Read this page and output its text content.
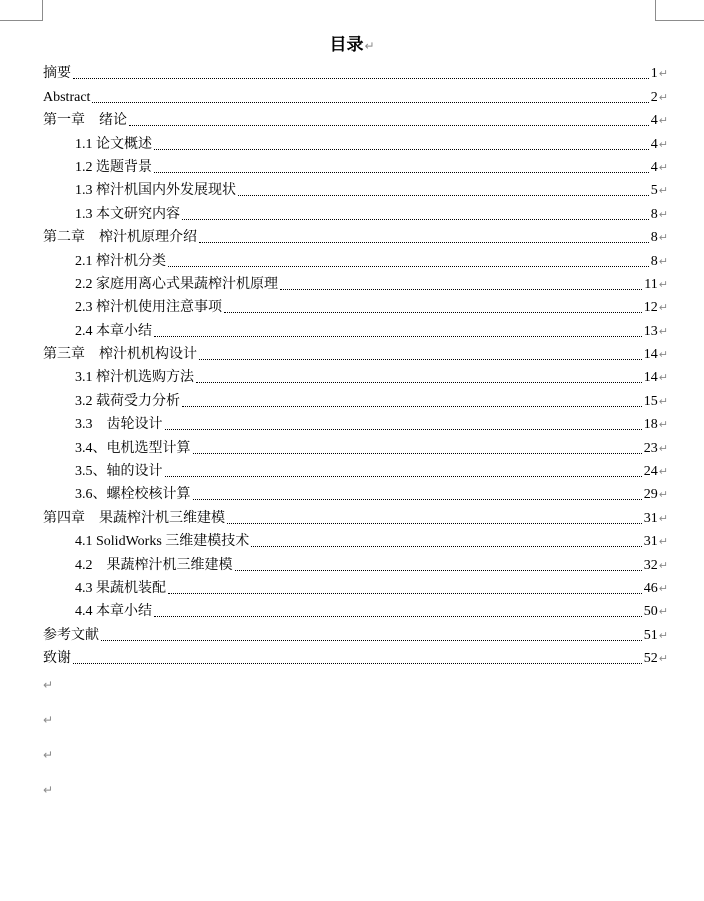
目录↵
摘要	1↵
Abstract	2↵
第一章　绪论	4↵
1.1 论文概述	4↵
1.2 选题背景	4↵
1.3 榨汁机国内外发展现状	5↵
1.3 本文研究内容	8↵
第二章　榨汁机原理介绍	8↵
2.1 榨汁机分类	8↵
2.2 家庭用离心式果蔬榨汁机原理	11↵
2.3 榨汁机使用注意事项	12↵
2.4 本章小结	13↵
第三章　榨汁机机构设计	14↵
3.1 榨汁机选购方法	14↵
3.2 载荷受力分析	15↵
3.3　齿轮设计	18↵
3.4、电机选型计算	23↵
3.5、轴的设计	24↵
3.6、螺栓校核计算	29↵
第四章　果蔬榨汁机三维建模	31↵
4.1 SolidWorks 三维建模技术	31↵
4.2　果蔬榨汁机三维建模	32↵
4.3 果蔬机装配	46↵
4.4 本章小结	50↵
参考文献	51↵
致谢	52↵
↵
↵
↵
↵
